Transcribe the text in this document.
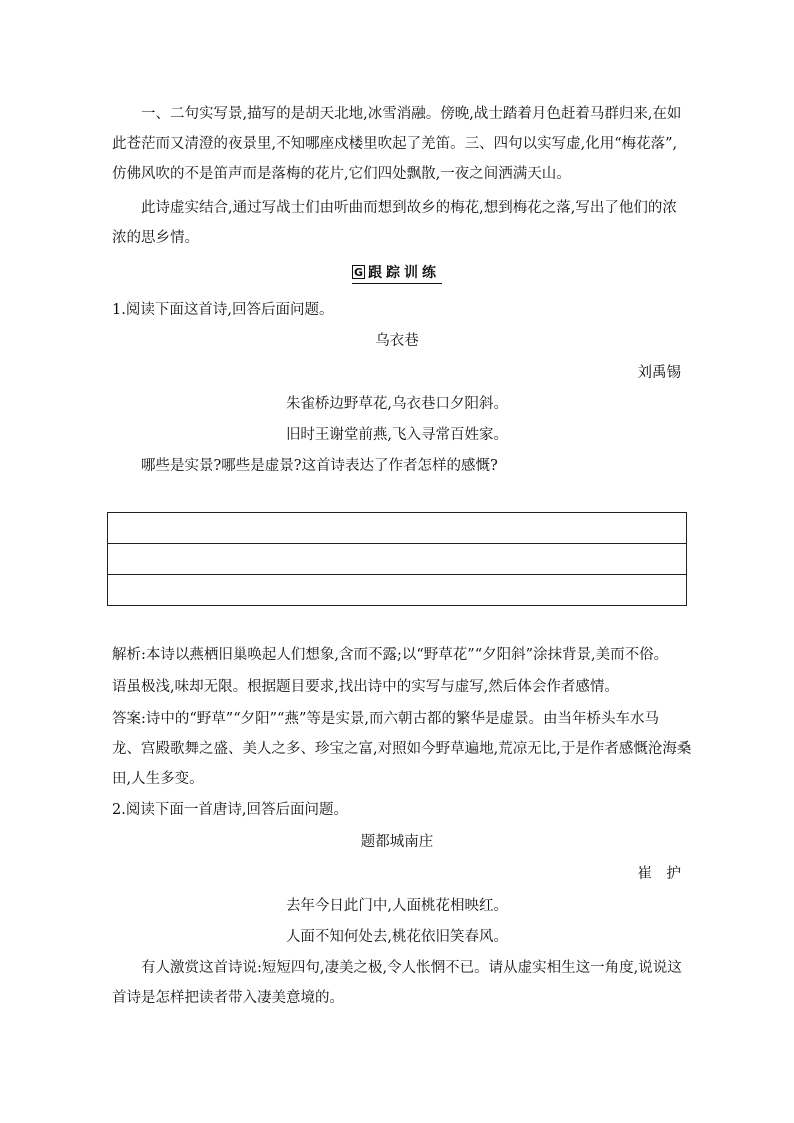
一、二句实写景,描写的是胡天北地,冰雪消融。傍晚,战士踏着月色赶着马群归来,在如
此苍茫而又清澄的夜景里,不知哪座戍楼里吹起了羌笛。三、四句以实写虚,化用“梅花落”,
仿佛风吹的不是笛声而是落梅的花片,它们四处飘散,一夜之间洒满天山。
此诗虚实结合,通过写战士们由听曲而想到故乡的梅花,想到梅花之落,写出了他们的浓
浓的思乡情。
G 跟踪训练
1.阅读下面这首诗,回答后面问题。
乌衣巷
刘禹锡
朱雀桥边野草花,乌衣巷口夕阳斜。
旧时王谢堂前燕,飞入寻常百姓家。
哪些是实景?哪些是虚景?这首诗表达了作者怎样的感慨?
解析:本诗以燕栖旧巢唤起人们想象,含而不露;以“野草花”“夕阳斜”涂抹背景,美而不俗。
语虽极浅,味却无限。根据题目要求,找出诗中的实写与虚写,然后体会作者感情。
答案:诗中的“野草”“夕阳”“燕”等是实景,而六朝古都的繁华是虚景。由当年桥头车水马
龙、宫殿歌舞之盛、美人之多、珍宝之富,对照如今野草遍地,荒凉无比,于是作者感慨沧海桑
田,人生多变。
2.阅读下面一首唐诗,回答后面问题。
题都城南庄
崔　护
去年今日此门中,人面桃花相映红。
人面不知何处去,桃花依旧笑春风。
有人激赏这首诗说:短短四句,凄美之极,令人怅惘不已。请从虚实相生这一角度,说说这
首诗是怎样把读者带入凄美意境的。
